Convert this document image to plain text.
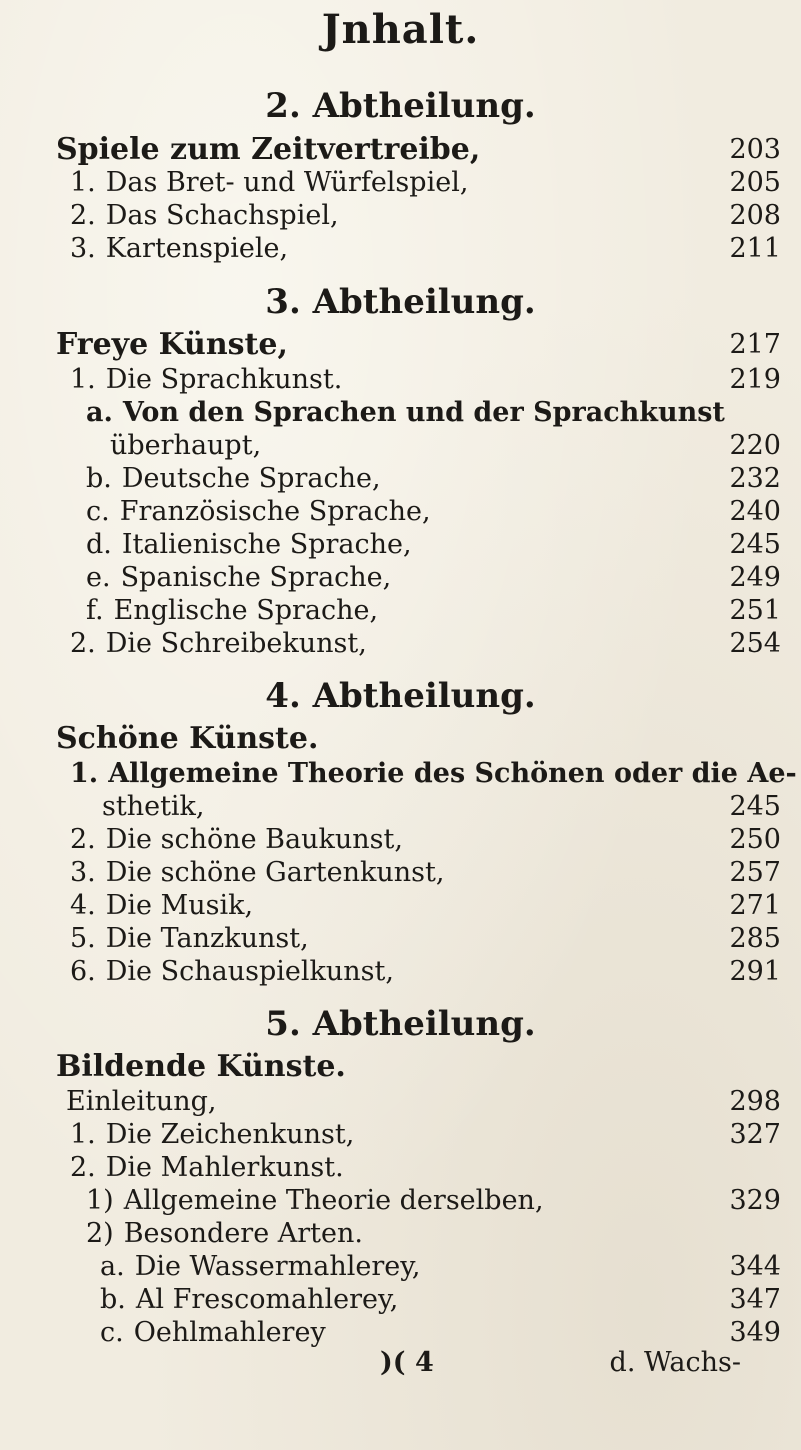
Jnhalt.
2. Abtheilung.
Spiele zum Zeitvertreibe,	203
1. Das Bret- und Würfelspiel,	205
2. Das Schachspiel,	208
3. Kartenspiele,	211
3. Abtheilung.
Freye Künste,	217
1. Die Sprachkunst.	219
a. Von den Sprachen und der Sprachkunst
überhaupt,	220
b. Deutsche Sprache,	232
c. Französische Sprache,	240
d. Italienische Sprache,	245
e. Spanische Sprache,	249
f. Englische Sprache,	251
2. Die Schreibekunst,	254
4. Abtheilung.
Schöne Künste.
1. Allgemeine Theorie des Schönen oder die Ae-
sthetik,	245
2. Die schöne Baukunst,	250
3. Die schöne Gartenkunst,	257
4. Die Musik,	271
5. Die Tanzkunst,	285
6. Die Schauspielkunst,	291
5. Abtheilung.
Bildende Künste.
Einleitung,	298
1. Die Zeichenkunst,	327
2. Die Mahlerkunst.
1) Allgemeine Theorie derselben,	329
2) Besondere Arten.
a. Die Wassermahlerey,	344
b. Al Frescomahlerey,	347
c. Oehlmahlerey	349
)( 4	d. Wachs-
